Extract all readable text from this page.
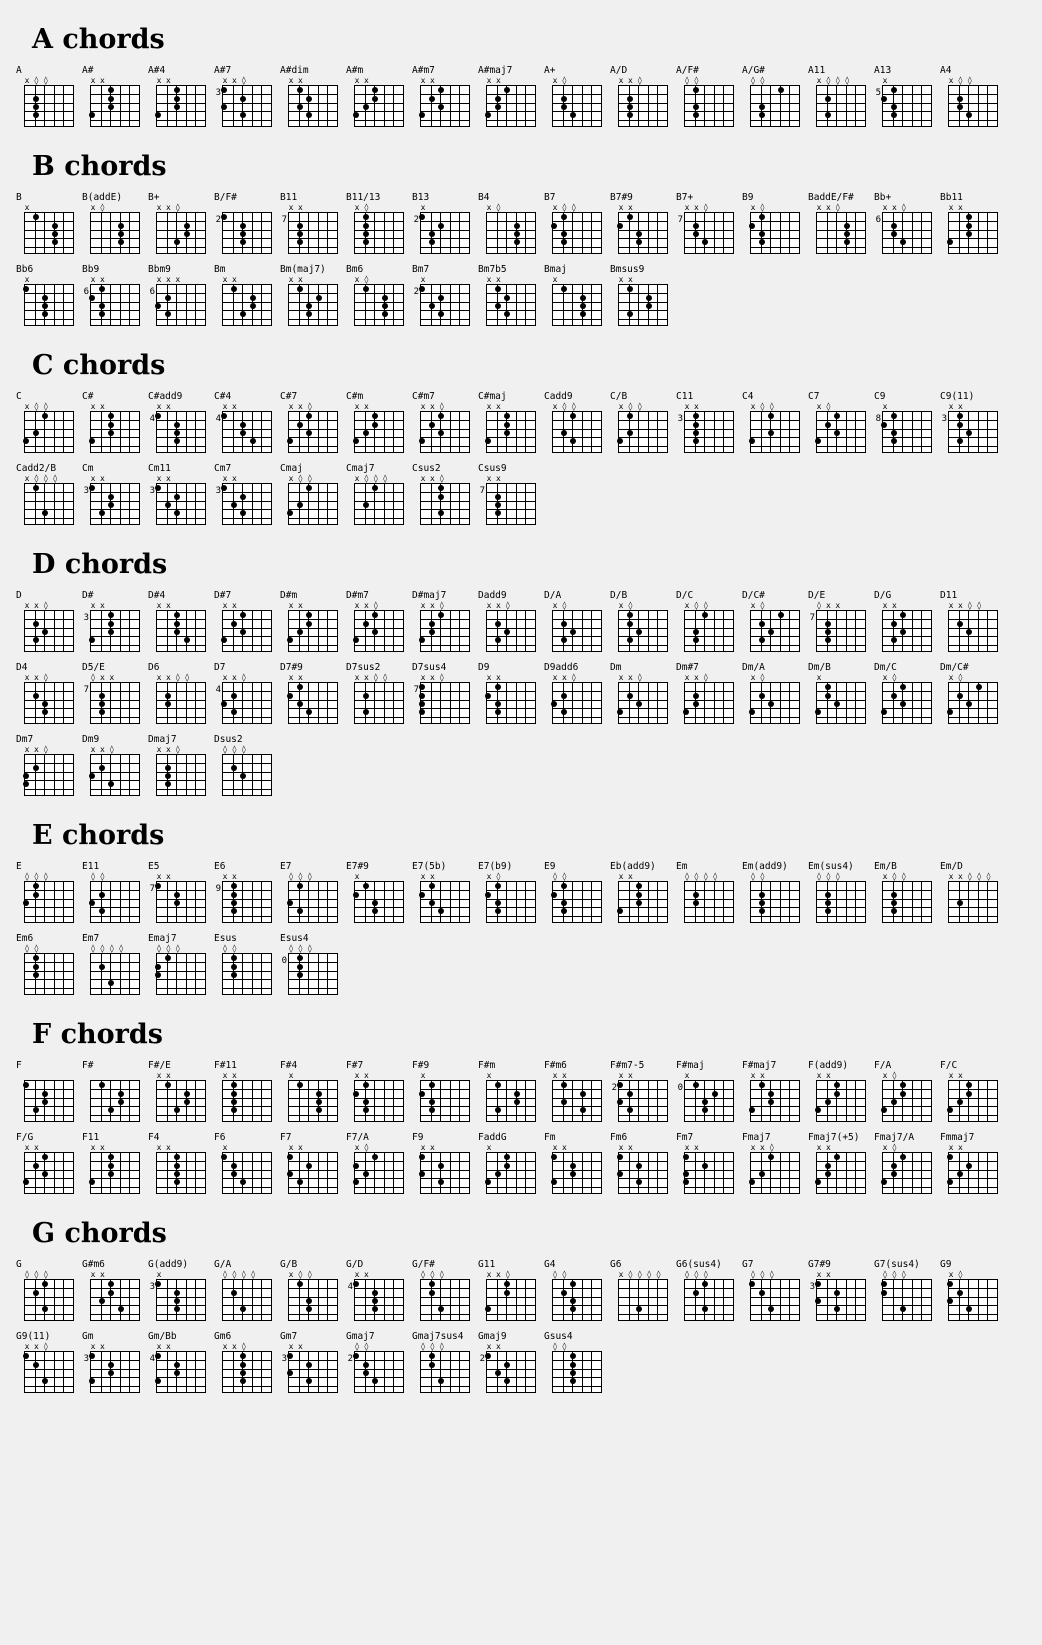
A chords
A
x ◊ ◊
A#
x x
A#4
x x
A#7
3
x x ◊
A#dim
x x
A#m
x x
A#m7
x x
A#maj7
x x
A+
x ◊
A/D
x x ◊
A/F#
◊ ◊
A/G#
◊ ◊
A11
x ◊ ◊ ◊
A13
5
x
A4
x ◊ ◊
B chords
B
x
B(addE)
x ◊
B+
x x ◊
B/F#
2
B11
7
x x
B11/13
x ◊
B13
2
x
B4
x ◊
B7
x ◊ ◊
B7#9
x x
B7+
7
x x ◊
B9
x ◊
BaddE/F#
x x ◊
Bb+
6
x x ◊
Bb11
x x
Bb6
x
Bb9
6
x x
Bbm9
6
x x x
Bm
x x
Bm(maj7)
x x
Bm6
x ◊
Bm7
2
x
Bm7b5
x x
Bmaj
x
Bmsus9
x x
C chords
C
x ◊ ◊
C#
x x
C#add9
4
x x
C#4
4
x x
C#7
x x ◊
C#m
x x
C#m7
x x ◊
C#maj
x x
Cadd9
x ◊ ◊
C/B
x ◊ ◊
C11
3
x x
C4
x ◊ ◊
C7
x ◊
C9
8
x
C9(11)
3
x x
Cadd2/B
x ◊ ◊ ◊
Cm
3
x x
Cm11
3
x x
Cm7
3
x x
Cmaj
x ◊ ◊
Cmaj7
x ◊ ◊ ◊
Csus2
x x ◊
Csus9
7
x x
D chords
D
x x ◊
D#
3
x x
D#4
x x
D#7
x x
D#m
x x
D#m7
x x ◊
D#maj7
x x ◊
Dadd9
x x ◊
D/A
x ◊
D/B
x ◊
D/C
x ◊ ◊
D/C#
x ◊
D/E
7
◊ x x
D/G
x x
D11
x x ◊ ◊
D4
x x ◊
D5/E
7
◊ x x
D6
x x ◊ ◊
D7
4
x x ◊
D7#9
x x
D7sus2
x x ◊ ◊
D7sus4
7
x x ◊
D9
x x
D9add6
x x ◊
Dm
x x ◊
Dm#7
x x ◊
Dm/A
x ◊
Dm/B
x
Dm/C
x ◊
Dm/C#
x ◊
Dm7
x x ◊
Dm9
x x ◊
Dmaj7
x x ◊
Dsus2
◊ ◊ ◊
E chords
E
◊ ◊ ◊
E11
◊ ◊
E5
7
x x
E6
9
x x
E7
◊ ◊ ◊
E7#9
x
E7(5b)
x x
E7(b9)
x ◊
E9
◊ ◊
Eb(add9)
x x
Em
◊ ◊ ◊ ◊
Em(add9)
◊ ◊
Em(sus4)
◊ ◊ ◊
Em/B
x ◊ ◊
Em/D
x x ◊ ◊ ◊
Em6
◊ ◊
Em7
◊ ◊ ◊ ◊
Emaj7
◊ ◊ ◊
Esus
◊ ◊
Esus4
0
◊ ◊ ◊
F chords
F	F#	F#/E
x x
F#11
x x
F#4
x
F#7
x x
F#9
x
F#m
x
F#m6
x x
F#m7-5
2
x x
F#maj
0
x
F#maj7
x x
F(add9)
x x
F/A
x ◊
F/C
x x
F/G
x x
F11
x x
F4
x x
F6
x
F7
x x
F7/A
x ◊
F9
x x
FaddG
x
Fm
x x
Fm6
x x
Fm7
x x
Fmaj7
x x ◊
Fmaj7(+5)
x x
Fmaj7/A
x ◊
Fmmaj7
x x
G chords
G
◊ ◊ ◊
G#m6
x x
G(add9)
3
x
G/A
◊ ◊ ◊ ◊
G/B
x ◊ ◊
G/D
4
x x
G/F#
◊ ◊ ◊
G11
x x ◊
G4
◊ ◊
G6
x ◊ ◊ ◊ ◊
G6(sus4)
◊ ◊ ◊
G7
◊ ◊ ◊
G7#9
3
x x
G7(sus4)
◊ ◊ ◊
G9
x ◊
G9(11)
x x ◊
Gm
3
x x
Gm/Bb
4
x x
Gm6
x x ◊
Gm7
3
x x
Gmaj7
2
◊ ◊
Gmaj7sus4
◊ ◊ ◊
Gmaj9
2
x x
Gsus4
◊ ◊
